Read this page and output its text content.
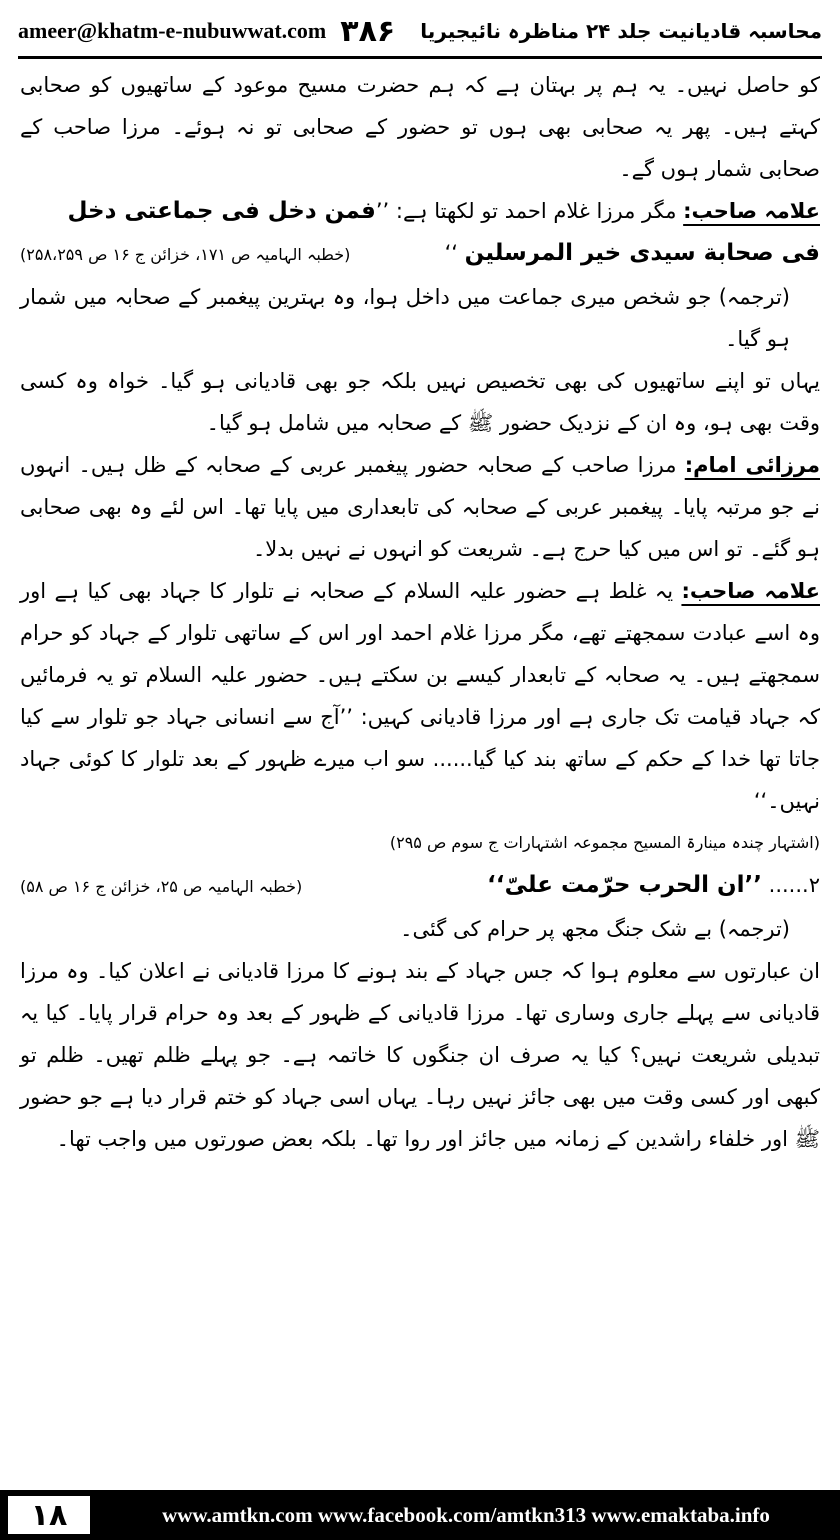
ameer@khatm-e-nubuwwat.com ۳۸۶ محاسبہ قادیانیت جلد ۲۴ مناظرہ نائیجیریا

کو حاصل نہیں۔ یہ ہم پر بہتان ہے کہ ہم حضرت مسیح موعود کے ساتھیوں کو صحابی کہتے ہیں۔ پھر یہ صحابی بھی ہوں تو حضور کے صحابی تو نہ ہوئے۔ مرزا صاحب کے صحابی شمار ہوں گے۔

علامہ صاحب: مگر مرزا غلام احمد تو لکھتا ہے: ’’فمن دخل فی جماعتی دخل

فی صحابة سیدی خیر المرسلین ‘‘
(خطبہ الہامیہ ص ۱۷۱، خزائن ج ۱۶ ص ۲۵۸،۲۵۹)

(ترجمہ) جو شخص میری جماعت میں داخل ہوا، وہ بہترین پیغمبر کے صحابہ میں شمار ہو گیا۔

یہاں تو اپنے ساتھیوں کی بھی تخصیص نہیں بلکہ جو بھی قادیانی ہو گیا۔ خواہ وہ کسی وقت بھی ہو، وہ ان کے نزدیک حضور ﷺ کے صحابہ میں شامل ہو گیا۔

مرزائی امام: مرزا صاحب کے صحابہ حضور پیغمبر عربی کے صحابہ کے ظل ہیں۔ انہوں نے جو مرتبہ پایا۔ پیغمبر عربی کے صحابہ کی تابعداری میں پایا تھا۔ اس لئے وہ بھی صحابی ہو گئے۔ تو اس میں کیا حرج ہے۔ شریعت کو انہوں نے نہیں بدلا۔

علامہ صاحب: یہ غلط ہے حضور علیہ السلام کے صحابہ نے تلوار کا جہاد بھی کیا ہے اور وہ اسے عبادت سمجھتے تھے، مگر مرزا غلام احمد اور اس کے ساتھی تلوار کے جہاد کو حرام سمجھتے ہیں۔ یہ صحابہ کے تابعدار کیسے بن سکتے ہیں۔ حضور علیہ السلام تو یہ فرمائیں کہ جہاد قیامت تک جاری ہے اور مرزا قادیانی کہیں: ’’آج سے انسانی جہاد جو تلوار سے کیا جاتا تھا خدا کے حکم کے ساتھ بند کیا گیا...... سو اب میرے ظہور کے بعد تلوار کا کوئی جہاد نہیں۔‘‘

(اشتہار چندہ مینارۃ المسیح مجموعہ اشتہارات ج سوم ص ۲۹۵)

۲...... ’’ان الحرب حرّمت علیّ‘‘
(خطبہ الہامیہ ص ۲۵، خزائن ج ۱۶ ص ۵۸)

(ترجمہ) بے شک جنگ مجھ پر حرام کی گئی۔

ان عبارتوں سے معلوم ہوا کہ جس جہاد کے بند ہونے کا مرزا قادیانی نے اعلان کیا۔ وہ مرزا قادیانی سے پہلے جاری وساری تھا۔ مرزا قادیانی کے ظہور کے بعد وہ حرام قرار پایا۔ کیا یہ تبدیلی شریعت نہیں؟ کیا یہ صرف ان جنگوں کا خاتمہ ہے۔ جو پہلے ظلم تھیں۔ ظلم تو کبھی اور کسی وقت میں بھی جائز نہیں رہا۔ یہاں اسی جہاد کو ختم قرار دیا ہے جو حضور ﷺ اور خلفاء راشدین کے زمانہ میں جائز اور روا تھا۔ بلکہ بعض صورتوں میں واجب تھا۔

۱۸	www.amtkn.com www.facebook.com/amtkn313 www.emaktaba.info
